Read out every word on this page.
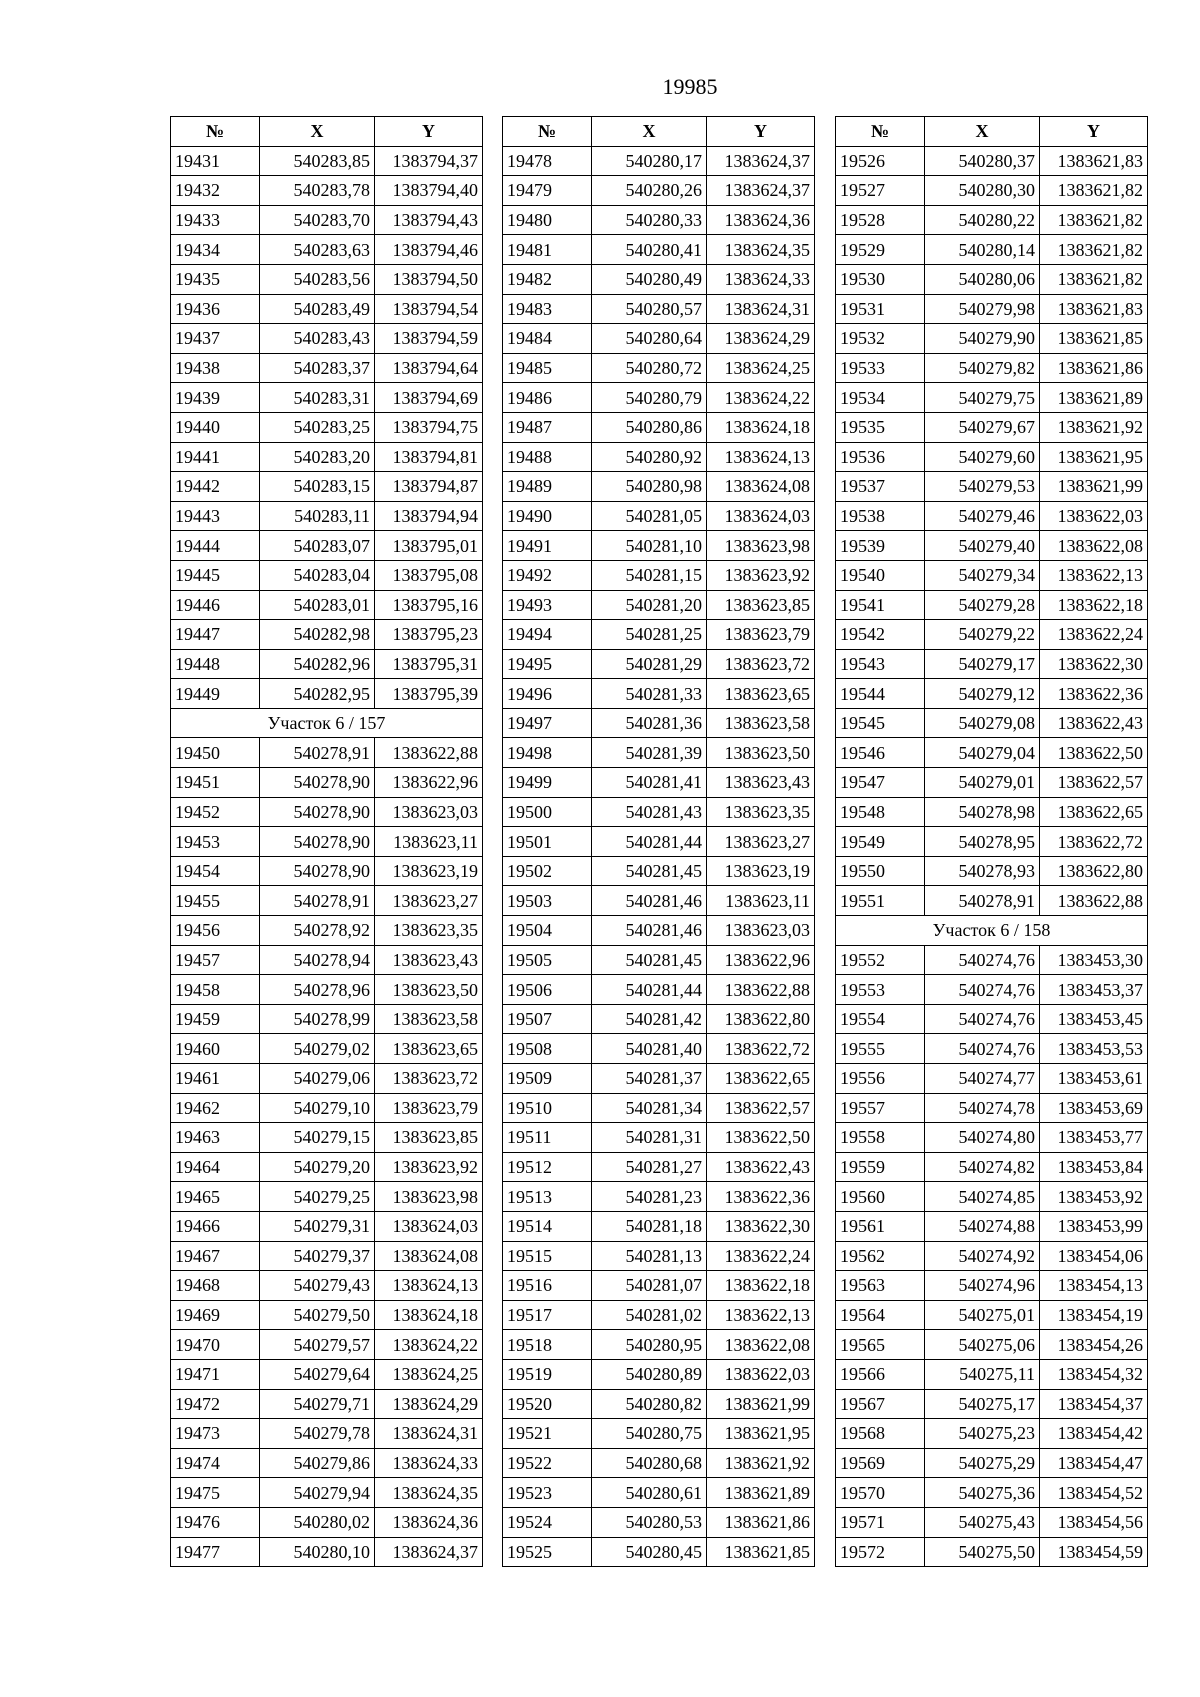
19985
№	X	Y
19431	540283,85	1383794,37
19432	540283,78	1383794,40
19433	540283,70	1383794,43
19434	540283,63	1383794,46
19435	540283,56	1383794,50
19436	540283,49	1383794,54
19437	540283,43	1383794,59
19438	540283,37	1383794,64
19439	540283,31	1383794,69
19440	540283,25	1383794,75
19441	540283,20	1383794,81
19442	540283,15	1383794,87
19443	540283,11	1383794,94
19444	540283,07	1383795,01
19445	540283,04	1383795,08
19446	540283,01	1383795,16
19447	540282,98	1383795,23
19448	540282,96	1383795,31
19449	540282,95	1383795,39
Участок 6 / 157		
19450	540278,91	1383622,88
19451	540278,90	1383622,96
19452	540278,90	1383623,03
19453	540278,90	1383623,11
19454	540278,90	1383623,19
19455	540278,91	1383623,27
19456	540278,92	1383623,35
19457	540278,94	1383623,43
19458	540278,96	1383623,50
19459	540278,99	1383623,58
19460	540279,02	1383623,65
19461	540279,06	1383623,72
19462	540279,10	1383623,79
19463	540279,15	1383623,85
19464	540279,20	1383623,92
19465	540279,25	1383623,98
19466	540279,31	1383624,03
19467	540279,37	1383624,08
19468	540279,43	1383624,13
19469	540279,50	1383624,18
19470	540279,57	1383624,22
19471	540279,64	1383624,25
19472	540279,71	1383624,29
19473	540279,78	1383624,31
19474	540279,86	1383624,33
19475	540279,94	1383624,35
19476	540280,02	1383624,36
19477	540280,10	1383624,37
№	X	Y
19478	540280,17	1383624,37
19479	540280,26	1383624,37
19480	540280,33	1383624,36
19481	540280,41	1383624,35
19482	540280,49	1383624,33
19483	540280,57	1383624,31
19484	540280,64	1383624,29
19485	540280,72	1383624,25
19486	540280,79	1383624,22
19487	540280,86	1383624,18
19488	540280,92	1383624,13
19489	540280,98	1383624,08
19490	540281,05	1383624,03
19491	540281,10	1383623,98
19492	540281,15	1383623,92
19493	540281,20	1383623,85
19494	540281,25	1383623,79
19495	540281,29	1383623,72
19496	540281,33	1383623,65
19497	540281,36	1383623,58
19498	540281,39	1383623,50
19499	540281,41	1383623,43
19500	540281,43	1383623,35
19501	540281,44	1383623,27
19502	540281,45	1383623,19
19503	540281,46	1383623,11
19504	540281,46	1383623,03
19505	540281,45	1383622,96
19506	540281,44	1383622,88
19507	540281,42	1383622,80
19508	540281,40	1383622,72
19509	540281,37	1383622,65
19510	540281,34	1383622,57
19511	540281,31	1383622,50
19512	540281,27	1383622,43
19513	540281,23	1383622,36
19514	540281,18	1383622,30
19515	540281,13	1383622,24
19516	540281,07	1383622,18
19517	540281,02	1383622,13
19518	540280,95	1383622,08
19519	540280,89	1383622,03
19520	540280,82	1383621,99
19521	540280,75	1383621,95
19522	540280,68	1383621,92
19523	540280,61	1383621,89
19524	540280,53	1383621,86
19525	540280,45	1383621,85
№	X	Y
19526	540280,37	1383621,83
19527	540280,30	1383621,82
19528	540280,22	1383621,82
19529	540280,14	1383621,82
19530	540280,06	1383621,82
19531	540279,98	1383621,83
19532	540279,90	1383621,85
19533	540279,82	1383621,86
19534	540279,75	1383621,89
19535	540279,67	1383621,92
19536	540279,60	1383621,95
19537	540279,53	1383621,99
19538	540279,46	1383622,03
19539	540279,40	1383622,08
19540	540279,34	1383622,13
19541	540279,28	1383622,18
19542	540279,22	1383622,24
19543	540279,17	1383622,30
19544	540279,12	1383622,36
19545	540279,08	1383622,43
19546	540279,04	1383622,50
19547	540279,01	1383622,57
19548	540278,98	1383622,65
19549	540278,95	1383622,72
19550	540278,93	1383622,80
19551	540278,91	1383622,88
Участок 6 / 158		
19552	540274,76	1383453,30
19553	540274,76	1383453,37
19554	540274,76	1383453,45
19555	540274,76	1383453,53
19556	540274,77	1383453,61
19557	540274,78	1383453,69
19558	540274,80	1383453,77
19559	540274,82	1383453,84
19560	540274,85	1383453,92
19561	540274,88	1383453,99
19562	540274,92	1383454,06
19563	540274,96	1383454,13
19564	540275,01	1383454,19
19565	540275,06	1383454,26
19566	540275,11	1383454,32
19567	540275,17	1383454,37
19568	540275,23	1383454,42
19569	540275,29	1383454,47
19570	540275,36	1383454,52
19571	540275,43	1383454,56
19572	540275,50	1383454,59
